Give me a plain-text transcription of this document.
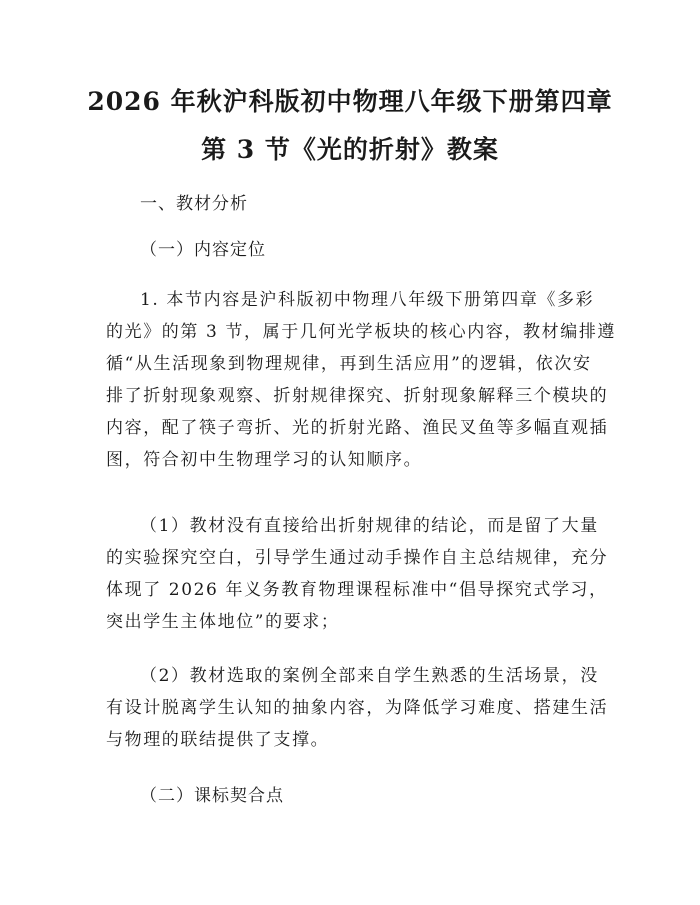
2026 年秋沪科版初中物理八年级下册第四章
第 3 节《光的折射》教案
一、教材分析
（一）内容定位
1. 本节内容是沪科版初中物理八年级下册第四章《多彩
的光》的第 3 节，属于几何光学板块的核心内容，教材编排遵
循“从生活现象到物理规律，再到生活应用”的逻辑，依次安
排了折射现象观察、折射规律探究、折射现象解释三个模块的
内容，配了筷子弯折、光的折射光路、渔民叉鱼等多幅直观插
图，符合初中生物理学习的认知顺序。
（1）教材没有直接给出折射规律的结论，而是留了大量
的实验探究空白，引导学生通过动手操作自主总结规律，充分
体现了 2026 年义务教育物理课程标准中“倡导探究式学习，
突出学生主体地位”的要求；
（2）教材选取的案例全部来自学生熟悉的生活场景，没
有设计脱离学生认知的抽象内容，为降低学习难度、搭建生活
与物理的联结提供了支撑。
（二）课标契合点
